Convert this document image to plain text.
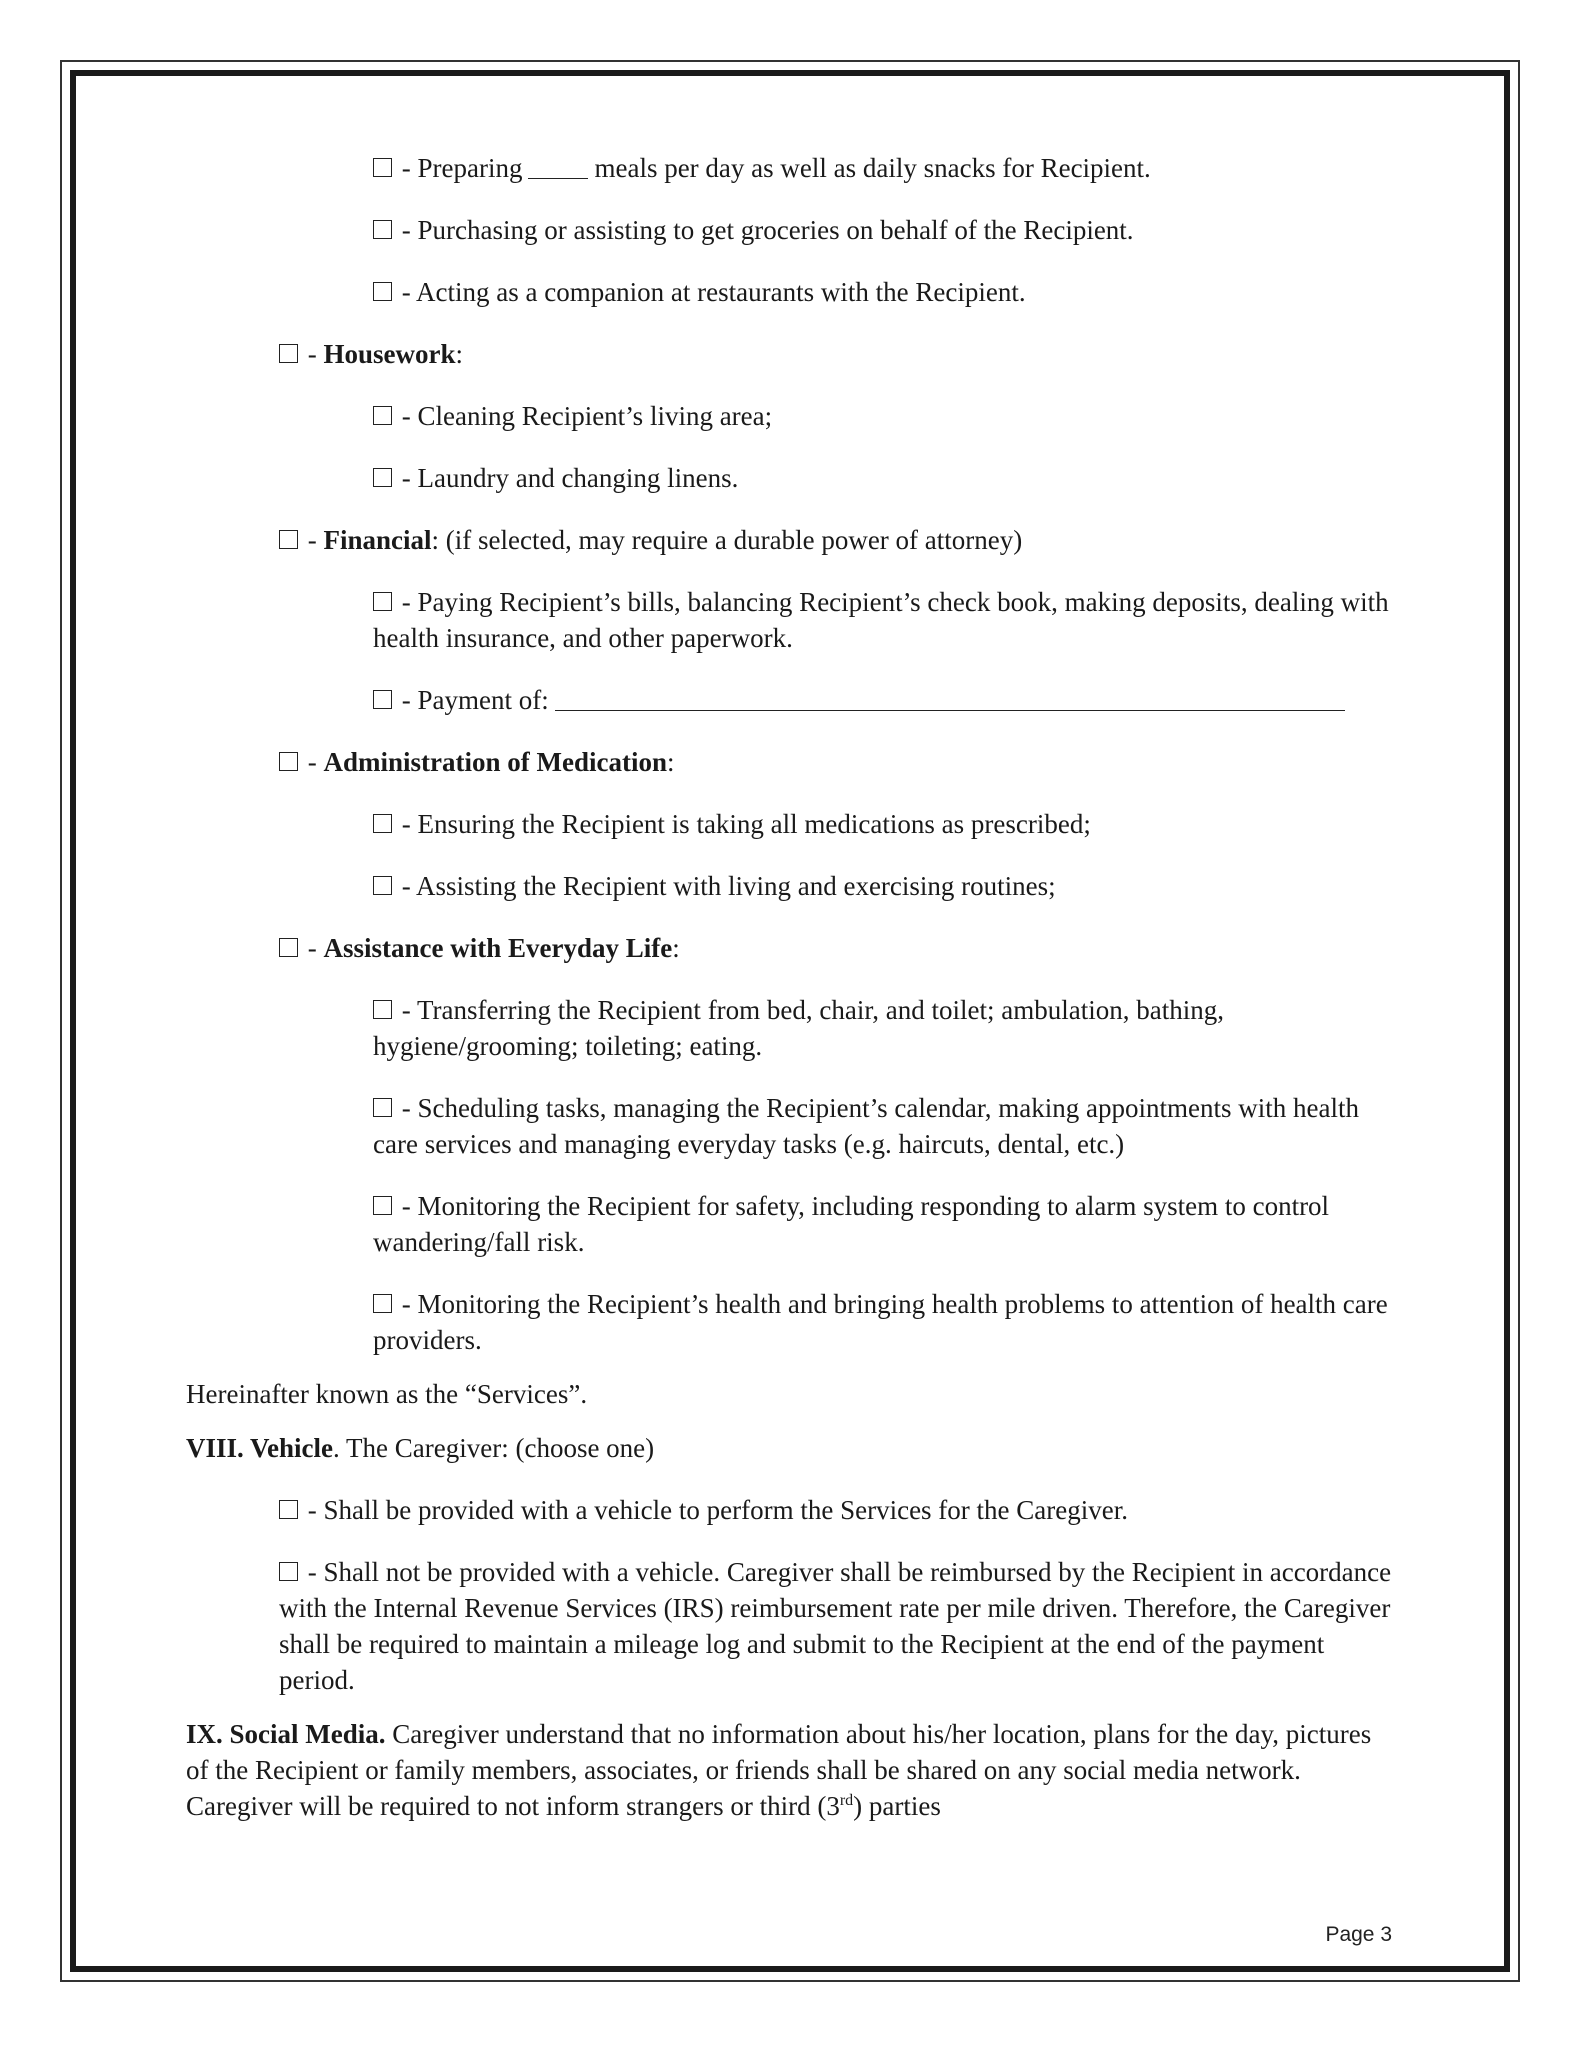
- Preparing	meals per day as well as daily snacks for Recipient.
- Purchasing or assisting to get groceries on behalf of the Recipient.
- Acting as a companion at restaurants with the Recipient.
- Housework:
- Cleaning Recipient’s living area;
- Laundry and changing linens.
- Financial: (if selected, may require a durable power of attorney)
- Paying Recipient’s bills, balancing Recipient’s check book, making deposits, dealing with health insurance, and other paperwork.
- Payment of:
- Administration of Medication:
- Ensuring the Recipient is taking all medications as prescribed;
- Assisting the Recipient with living and exercising routines;
- Assistance with Everyday Life:
- Transferring the Recipient from bed, chair, and toilet; ambulation, bathing, hygiene/grooming; toileting; eating.
- Scheduling tasks, managing the Recipient’s calendar, making appointments with health care services and managing everyday tasks (e.g. haircuts, dental, etc.)
- Monitoring the Recipient for safety, including responding to alarm system to control wandering/fall risk.
- Monitoring the Recipient’s health and bringing health problems to attention of health care providers.
Hereinafter known as the “Services”.
VIII. Vehicle. The Caregiver: (choose one)
- Shall be provided with a vehicle to perform the Services for the Caregiver.
- Shall not be provided with a vehicle. Caregiver shall be reimbursed by the Recipient in accordance with the Internal Revenue Services (IRS) reimbursement rate per mile driven. Therefore, the Caregiver shall be required to maintain a mileage log and submit to the Recipient at the end of the payment period.
IX. Social Media. Caregiver understand that no information about his/her location, plans for the day, pictures of the Recipient or family members, associates, or friends shall be shared on any social media network. Caregiver will be required to not inform strangers or third (3rd) parties
Page 3
